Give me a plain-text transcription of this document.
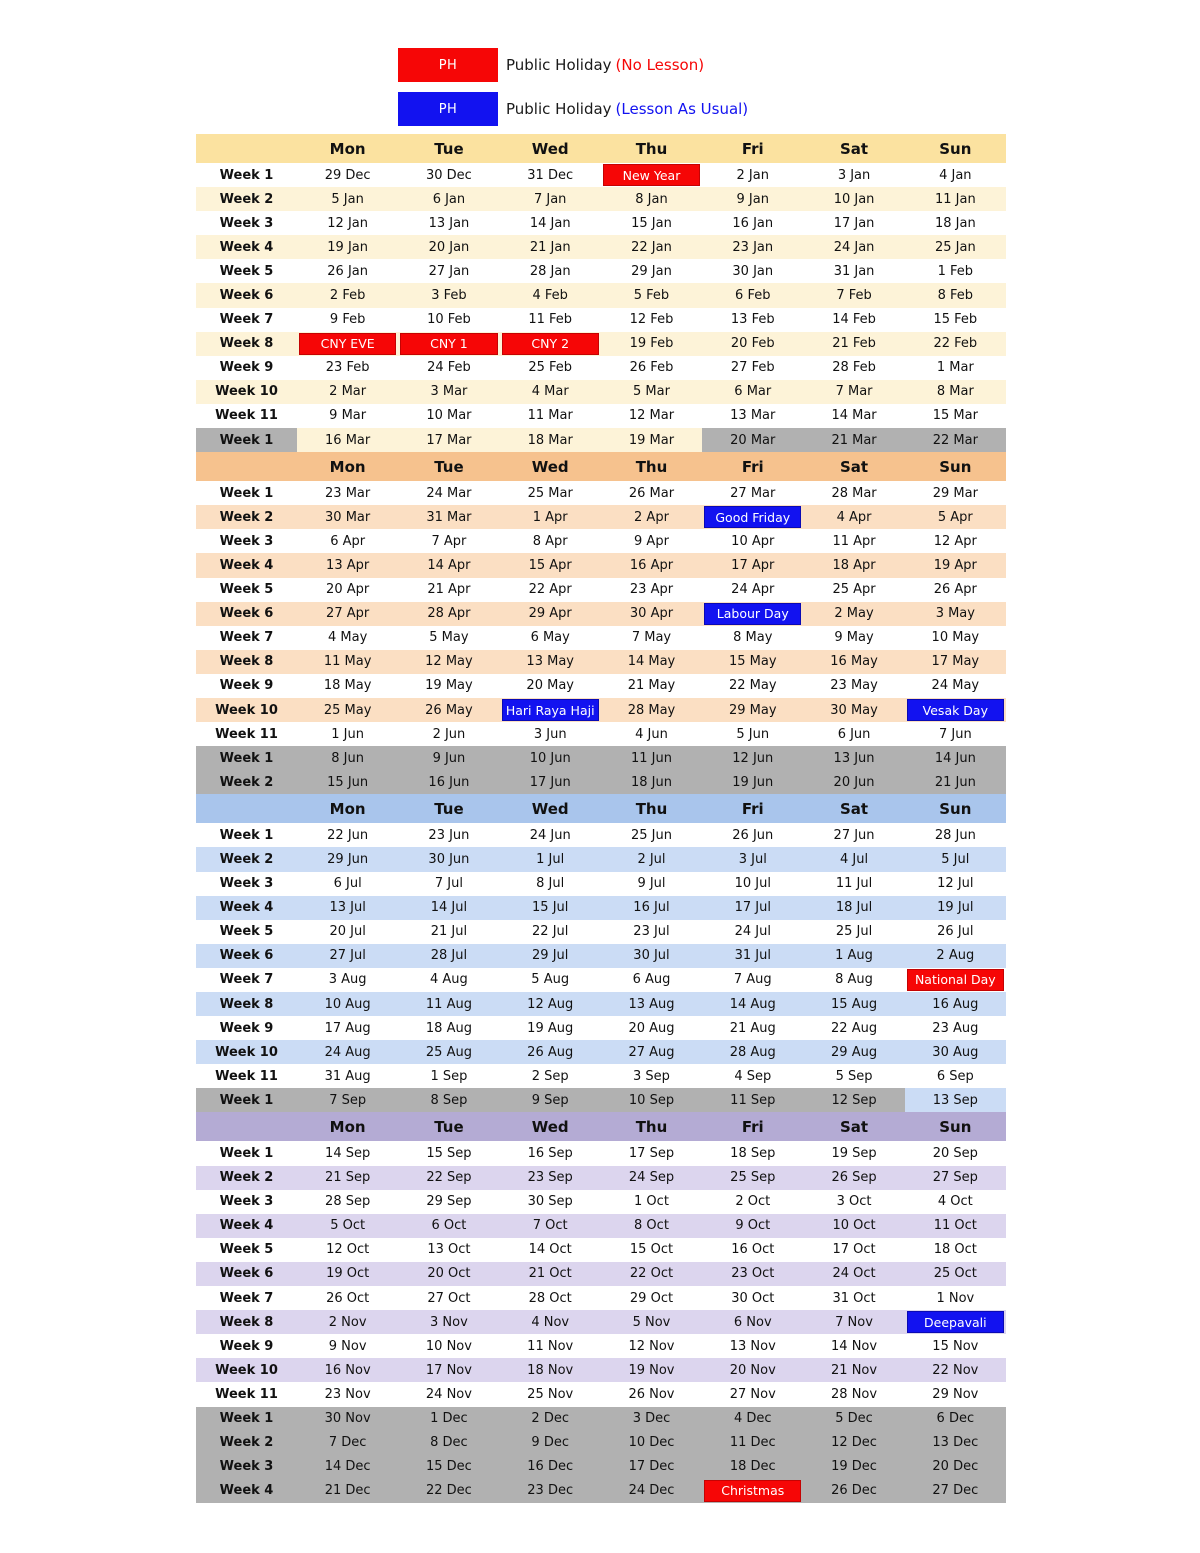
PH	Public Holiday (No Lesson)
PH	Public Holiday (Lesson As Usual)
Mon	Tue	Wed	Thu	Fri	Sat	Sun
Week 1	29 Dec	30 Dec	31 Dec	New Year	2 Jan	3 Jan	4 Jan
Week 2	5 Jan	6 Jan	7 Jan	8 Jan	9 Jan	10 Jan	11 Jan
Week 3	12 Jan	13 Jan	14 Jan	15 Jan	16 Jan	17 Jan	18 Jan
Week 4	19 Jan	20 Jan	21 Jan	22 Jan	23 Jan	24 Jan	25 Jan
Week 5	26 Jan	27 Jan	28 Jan	29 Jan	30 Jan	31 Jan	1 Feb
Week 6	2 Feb	3 Feb	4 Feb	5 Feb	6 Feb	7 Feb	8 Feb
Week 7	9 Feb	10 Feb	11 Feb	12 Feb	13 Feb	14 Feb	15 Feb
Week 8	CNY EVE	CNY 1	CNY 2	19 Feb	20 Feb	21 Feb	22 Feb
Week 9	23 Feb	24 Feb	25 Feb	26 Feb	27 Feb	28 Feb	1 Mar
Week 10	2 Mar	3 Mar	4 Mar	5 Mar	6 Mar	7 Mar	8 Mar
Week 11	9 Mar	10 Mar	11 Mar	12 Mar	13 Mar	14 Mar	15 Mar
Week 1	16 Mar	17 Mar	18 Mar	19 Mar	20 Mar	21 Mar	22 Mar
Mon	Tue	Wed	Thu	Fri	Sat	Sun
Week 1	23 Mar	24 Mar	25 Mar	26 Mar	27 Mar	28 Mar	29 Mar
Week 2	30 Mar	31 Mar	1 Apr	2 Apr	Good Friday	4 Apr	5 Apr
Week 3	6 Apr	7 Apr	8 Apr	9 Apr	10 Apr	11 Apr	12 Apr
Week 4	13 Apr	14 Apr	15 Apr	16 Apr	17 Apr	18 Apr	19 Apr
Week 5	20 Apr	21 Apr	22 Apr	23 Apr	24 Apr	25 Apr	26 Apr
Week 6	27 Apr	28 Apr	29 Apr	30 Apr	Labour Day	2 May	3 May
Week 7	4 May	5 May	6 May	7 May	8 May	9 May	10 May
Week 8	11 May	12 May	13 May	14 May	15 May	16 May	17 May
Week 9	18 May	19 May	20 May	21 May	22 May	23 May	24 May
Week 10	25 May	26 May	Hari Raya Haji	28 May	29 May	30 May	Vesak Day
Week 11	1 Jun	2 Jun	3 Jun	4 Jun	5 Jun	6 Jun	7 Jun
Week 1	8 Jun	9 Jun	10 Jun	11 Jun	12 Jun	13 Jun	14 Jun
Week 2	15 Jun	16 Jun	17 Jun	18 Jun	19 Jun	20 Jun	21 Jun
Mon	Tue	Wed	Thu	Fri	Sat	Sun
Week 1	22 Jun	23 Jun	24 Jun	25 Jun	26 Jun	27 Jun	28 Jun
Week 2	29 Jun	30 Jun	1 Jul	2 Jul	3 Jul	4 Jul	5 Jul
Week 3	6 Jul	7 Jul	8 Jul	9 Jul	10 Jul	11 Jul	12 Jul
Week 4	13 Jul	14 Jul	15 Jul	16 Jul	17 Jul	18 Jul	19 Jul
Week 5	20 Jul	21 Jul	22 Jul	23 Jul	24 Jul	25 Jul	26 Jul
Week 6	27 Jul	28 Jul	29 Jul	30 Jul	31 Jul	1 Aug	2 Aug
Week 7	3 Aug	4 Aug	5 Aug	6 Aug	7 Aug	8 Aug	National Day
Week 8	10 Aug	11 Aug	12 Aug	13 Aug	14 Aug	15 Aug	16 Aug
Week 9	17 Aug	18 Aug	19 Aug	20 Aug	21 Aug	22 Aug	23 Aug
Week 10	24 Aug	25 Aug	26 Aug	27 Aug	28 Aug	29 Aug	30 Aug
Week 11	31 Aug	1 Sep	2 Sep	3 Sep	4 Sep	5 Sep	6 Sep
Week 1	7 Sep	8 Sep	9 Sep	10 Sep	11 Sep	12 Sep	13 Sep
Mon	Tue	Wed	Thu	Fri	Sat	Sun
Week 1	14 Sep	15 Sep	16 Sep	17 Sep	18 Sep	19 Sep	20 Sep
Week 2	21 Sep	22 Sep	23 Sep	24 Sep	25 Sep	26 Sep	27 Sep
Week 3	28 Sep	29 Sep	30 Sep	1 Oct	2 Oct	3 Oct	4 Oct
Week 4	5 Oct	6 Oct	7 Oct	8 Oct	9 Oct	10 Oct	11 Oct
Week 5	12 Oct	13 Oct	14 Oct	15 Oct	16 Oct	17 Oct	18 Oct
Week 6	19 Oct	20 Oct	21 Oct	22 Oct	23 Oct	24 Oct	25 Oct
Week 7	26 Oct	27 Oct	28 Oct	29 Oct	30 Oct	31 Oct	1 Nov
Week 8	2 Nov	3 Nov	4 Nov	5 Nov	6 Nov	7 Nov	Deepavali
Week 9	9 Nov	10 Nov	11 Nov	12 Nov	13 Nov	14 Nov	15 Nov
Week 10	16 Nov	17 Nov	18 Nov	19 Nov	20 Nov	21 Nov	22 Nov
Week 11	23 Nov	24 Nov	25 Nov	26 Nov	27 Nov	28 Nov	29 Nov
Week 1	30 Nov	1 Dec	2 Dec	3 Dec	4 Dec	5 Dec	6 Dec
Week 2	7 Dec	8 Dec	9 Dec	10 Dec	11 Dec	12 Dec	13 Dec
Week 3	14 Dec	15 Dec	16 Dec	17 Dec	18 Dec	19 Dec	20 Dec
Week 4	21 Dec	22 Dec	23 Dec	24 Dec	Christmas	26 Dec	27 Dec
